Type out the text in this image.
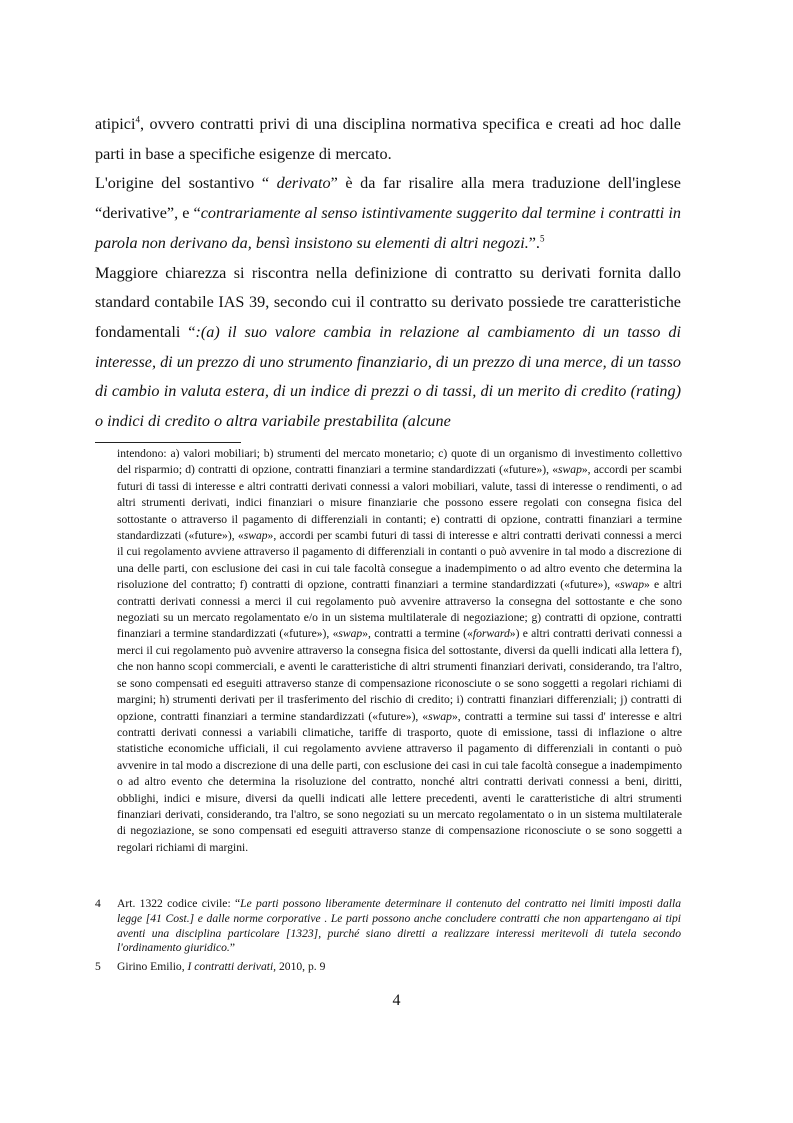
atipici$^4$, ovvero contratti privi di una disciplina normativa specifica e creati ad hoc dalle parti in base a specifiche esigenze di mercato.

L'origine del sostantivo “ derivato” è da far risalire alla mera traduzione dell'inglese “derivative”, e “contrariamente al senso istintivamente suggerito dal termine i contratti in parola non derivano da, bensì insistono su elementi di altri negozi.”.$^5$

Maggiore chiarezza si riscontra nella definizione di contratto su derivati fornita dallo standard contabile IAS 39, secondo cui il contratto su derivato possiede tre caratteristiche fondamentali “:(a) il suo valore cambia in relazione al cambiamento di un tasso di interesse, di un prezzo di uno strumento finanziario, di un prezzo di una merce, di un tasso di cambio in valuta estera, di un indice di prezzi o di tassi, di un merito di credito (rating) o indici di credito o altra variabile prestabilita (alcune

intendono: a) valori mobiliari; b) strumenti del mercato monetario; c) quote di un organismo di investimento collettivo del risparmio; d) contratti di opzione, contratti finanziari a termine standardizzati («future»), «swap», accordi per scambi futuri di tassi di interesse e altri contratti derivati connessi a valori mobiliari, valute, tassi di interesse o rendimenti, o ad altri strumenti derivati, indici finanziari o misure finanziarie che possono essere regolati con consegna fisica del sottostante o attraverso il pagamento di differenziali in contanti; e) contratti di opzione, contratti finanziari a termine standardizzati («future»), «swap», accordi per scambi futuri di tassi di interesse e altri contratti derivati connessi a merci il cui regolamento avviene attraverso il pagamento di differenziali in contanti o può avvenire in tal modo a discrezione di una delle parti, con esclusione dei casi in cui tale facoltà consegue a inadempimento o ad altro evento che determina la risoluzione del contratto; f) contratti di opzione, contratti finanziari a termine standardizzati («future»), «swap» e altri contratti derivati connessi a merci il cui regolamento può avvenire attraverso la consegna del sottostante e che sono negoziati su un mercato regolamentato e/o in un sistema multilaterale di negoziazione; g) contratti di opzione, contratti finanziari a termine standardizzati («future»), «swap», contratti a termine («forward») e altri contratti derivati connessi a merci il cui regolamento può avvenire attraverso la consegna fisica del sottostante, diversi da quelli indicati alla lettera f), che non hanno scopi commerciali, e aventi le caratteristiche di altri strumenti finanziari derivati, considerando, tra l'altro, se sono compensati ed eseguiti attraverso stanze di compensazione riconosciute o se sono soggetti a regolari richiami di margini; h) strumenti derivati per il trasferimento del rischio di credito; i) contratti finanziari differenziali; j) contratti di opzione, contratti finanziari a termine standardizzati («future»), «swap», contratti a termine sui tassi d' interesse e altri contratti derivati connessi a variabili climatiche, tariffe di trasporto, quote di emissione, tassi di inflazione o altre statistiche economiche ufficiali, il cui regolamento avviene attraverso il pagamento di differenziali in contanti o può avvenire in tal modo a discrezione di una delle parti, con esclusione dei casi in cui tale facoltà consegue a inadempimento o ad altro evento che determina la risoluzione del contratto, nonché altri contratti derivati connessi a beni, diritti, obblighi, indici e misure, diversi da quelli indicati alle lettere precedenti, aventi le caratteristiche di altri strumenti finanziari derivati, considerando, tra l'altro, se sono negoziati su un mercato regolamentato o in un sistema multilaterale di negoziazione, se sono compensati ed eseguiti attraverso stanze di compensazione riconosciute o se sono soggetti a regolari richiami di margini.

4 Art. 1322 codice civile: “Le parti possono liberamente determinare il contenuto del contratto nei limiti imposti dalla legge [41 Cost.] e dalle norme corporative . Le parti possono anche concludere contratti che non appartengano ai tipi aventi una disciplina particolare [1323], purché siano diretti a realizzare interessi meritevoli di tutela secondo l'ordinamento giuridico.”
5 Girino Emilio, I contratti derivati, 2010, p. 9
4
